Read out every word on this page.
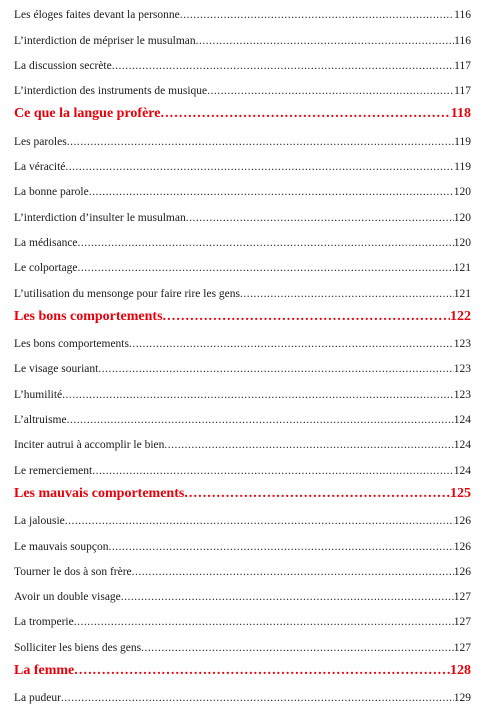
Les éloges faites devant la personne .....	116
L’interdiction de mépriser le musulman .....	116
La discussion secrète .....	117
L’interdiction des instruments de musique .....	117
Ce que la langue profère .....	118
Les paroles .....	119
La véracité .....	119
La bonne parole .....	120
L’interdiction d’insulter le musulman .....	120
La médisance .....	120
Le colportage .....	121
L’utilisation du mensonge pour faire rire les gens .....	121
Les bons comportements .....	122
Les bons comportements .....	123
Le visage souriant .....	123
L’humilité .....	123
L’altruisme .....	124
Inciter autrui à accomplir le bien .....	124
Le remerciement .....	124
Les mauvais comportements .....	125
La jalousie .....	126
Le mauvais soupçon .....	126
Tourner le dos à son frère .....	126
Avoir un double visage .....	127
La tromperie .....	127
Solliciter les biens des gens .....	127
La femme .....	128
La pudeur .....	129
